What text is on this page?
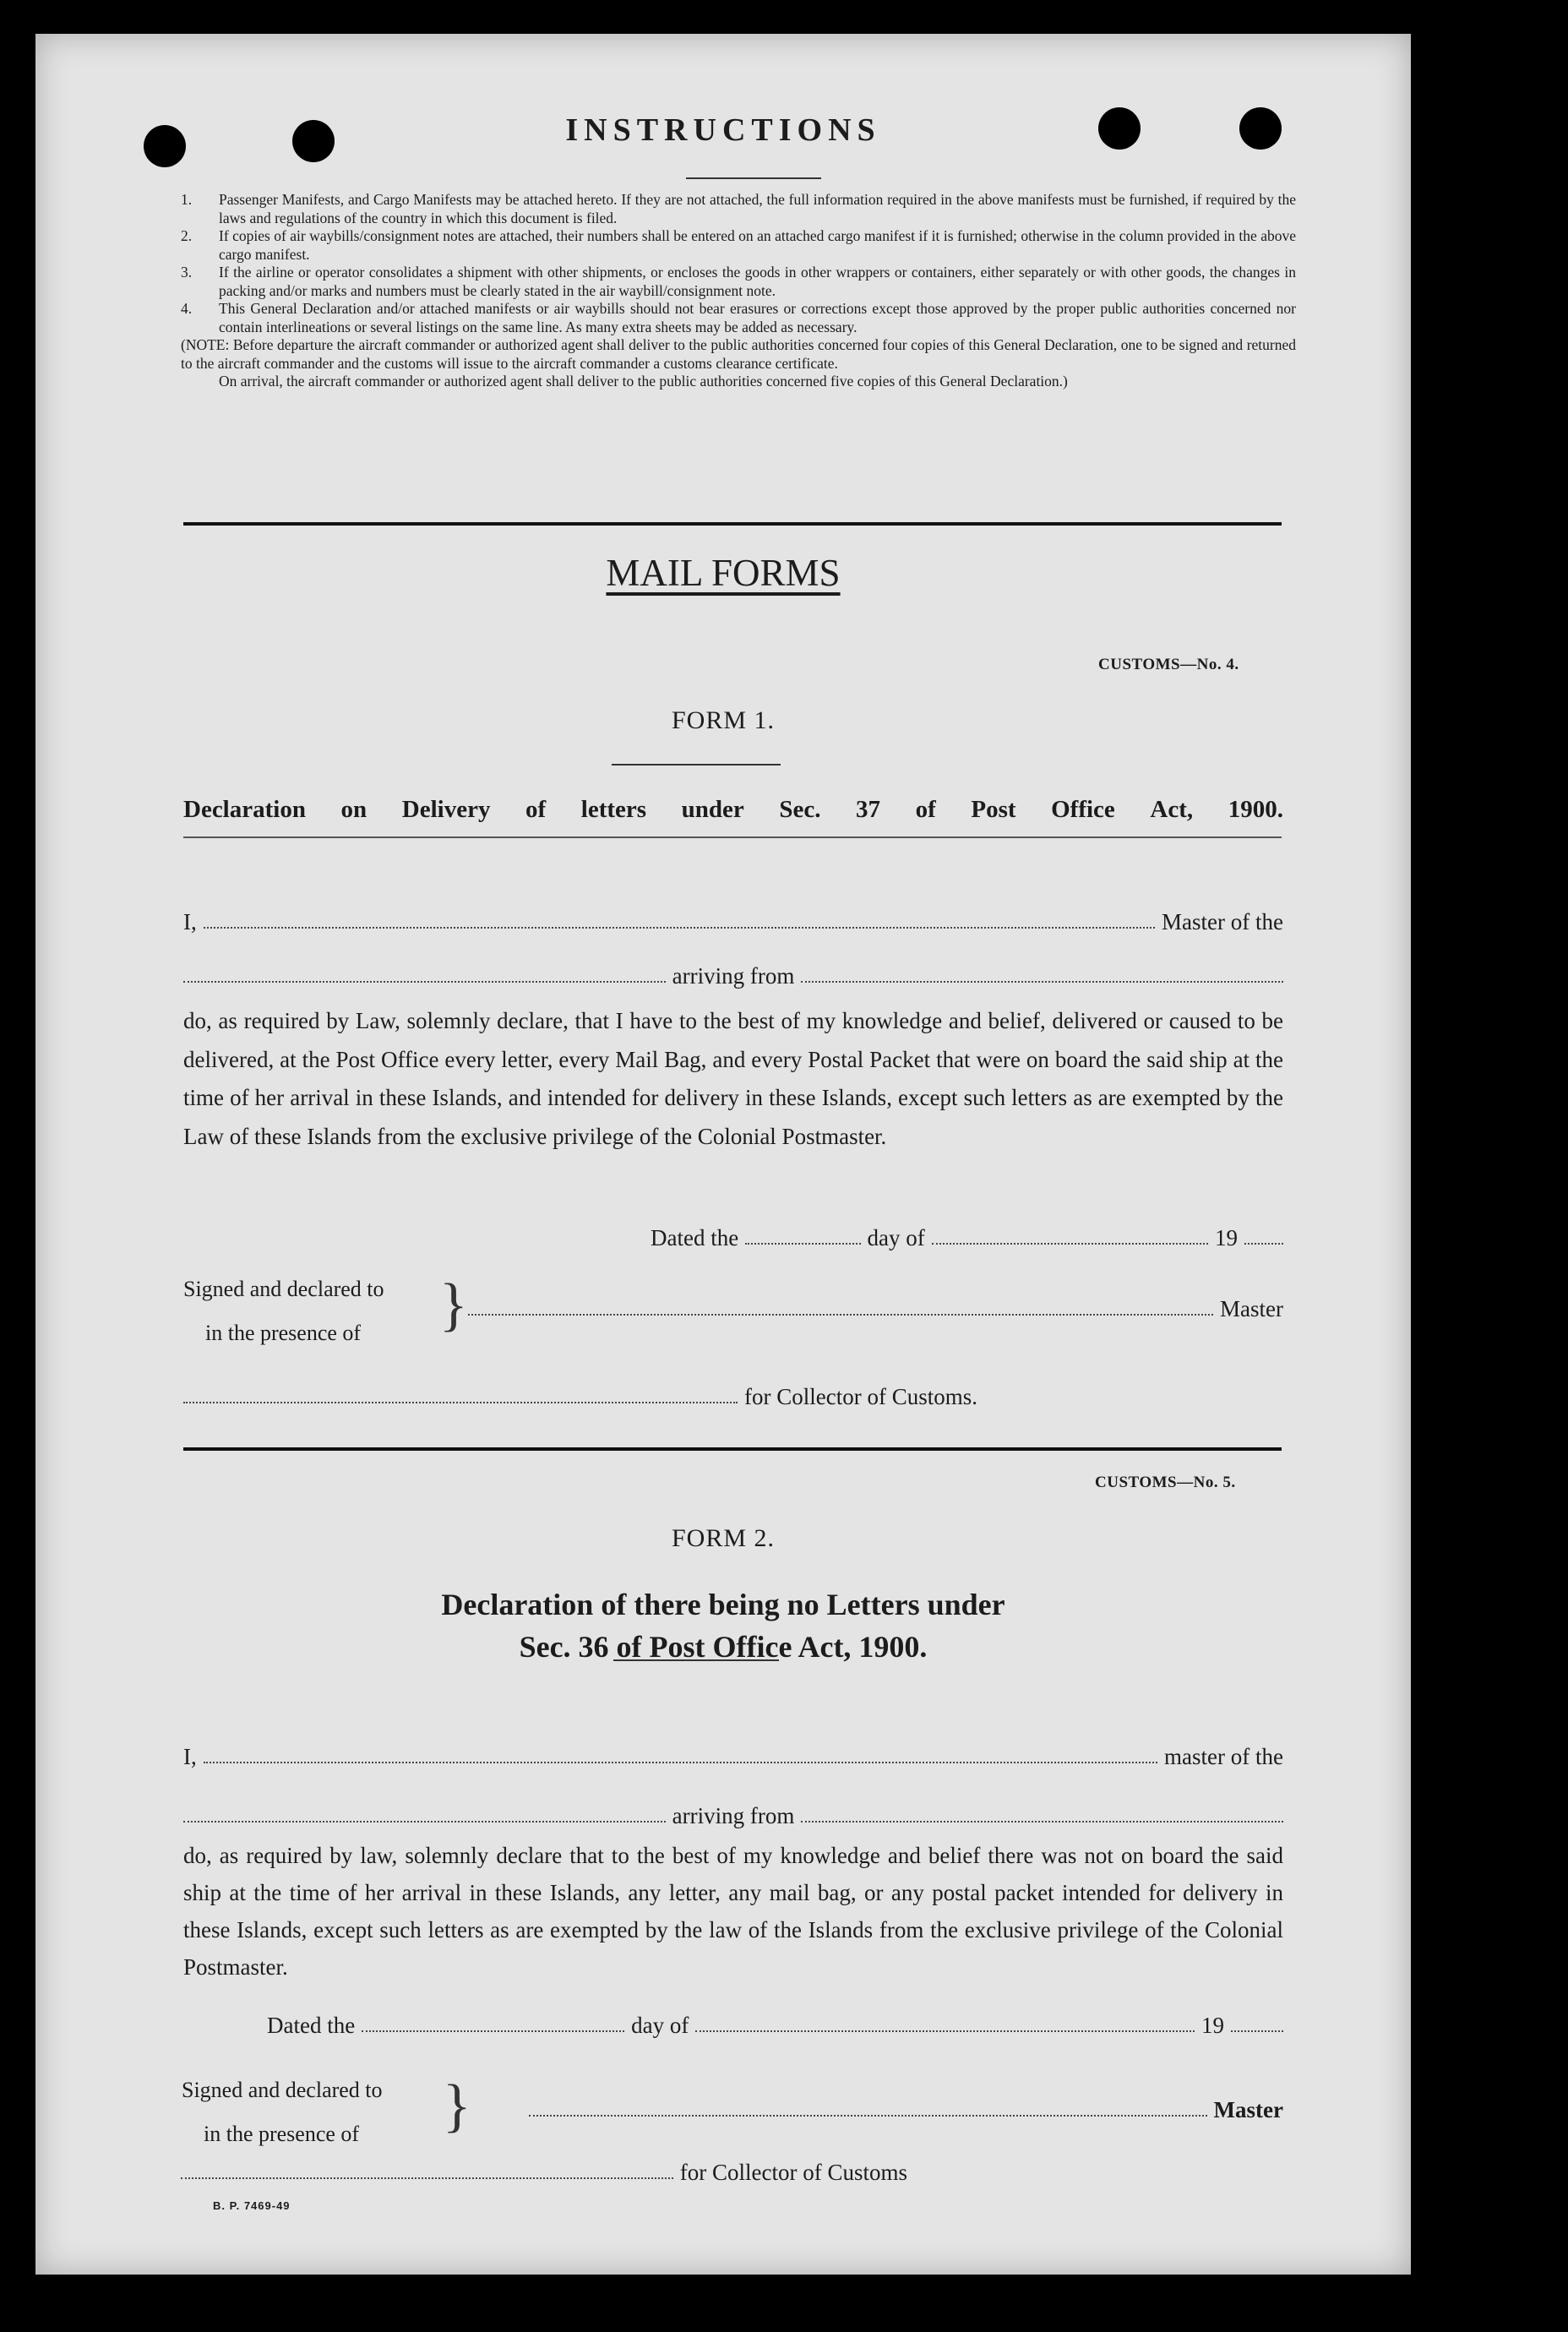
INSTRUCTIONS
1.	Passenger Manifests, and Cargo Manifests may be attached hereto. If they are not attached, the full information required in the above manifests must be furnished, if required by the laws and regulations of the country in which this document is filed.
2.	If copies of air waybills/consignment notes are attached, their numbers shall be entered on an attached cargo manifest if it is furnished; otherwise in the column provided in the above cargo manifest.
3.	If the airline or operator consolidates a shipment with other shipments, or encloses the goods in other wrappers or containers, either separately or with other goods, the changes in packing and/or marks and numbers must be clearly stated in the air waybill/consignment note.
4.	This General Declaration and/or attached manifests or air waybills should not bear erasures or corrections except those approved by the proper public authorities concerned nor contain interlineations or several listings on the same line. As many extra sheets may be added as necessary.
(NOTE: Before departure the aircraft commander or authorized agent shall deliver to the public authorities concerned four copies of this General Declaration, one to be signed and returned to the aircraft commander and the customs will issue to the aircraft commander a customs clearance certificate.
On arrival, the aircraft commander or authorized agent shall deliver to the public authorities concerned five copies of this General Declaration.)
MAIL FORMS
CUSTOMS—No. 4.
FORM 1.
Declaration on Delivery of letters under Sec. 37 of Post Office Act, 1900.
I,	Master of the
arriving from
do, as required by Law, solemnly declare, that I have to the best of my knowledge and belief, delivered or caused to be delivered, at the Post Office every letter, every Mail Bag, and every Postal Packet that were on board the said ship at the time of her arrival in these Islands, and intended for delivery in these Islands, except such letters as are exempted by the Law of these Islands from the exclusive privilege of the Colonial Postmaster.
Dated the	day of	19
Signed and declared to
in the presence of	}	Master
for Collector of Customs.
CUSTOMS—No. 5.
FORM 2.
Declaration of there being no Letters under
Sec. 36 of Post Office Act, 1900.
I,	master of the
arriving from
do, as required by law, solemnly declare that to the best of my knowledge and belief there was not on board the said ship at the time of her arrival in these Islands, any letter, any mail bag, or any postal packet intended for delivery in these Islands, except such letters as are exempted by the law of the Islands from the exclusive privilege of the Colonial Postmaster.
Dated the	day of	19
Signed and declared to
in the presence of	}	Master
for Collector of Customs
B. P. 7469-49
